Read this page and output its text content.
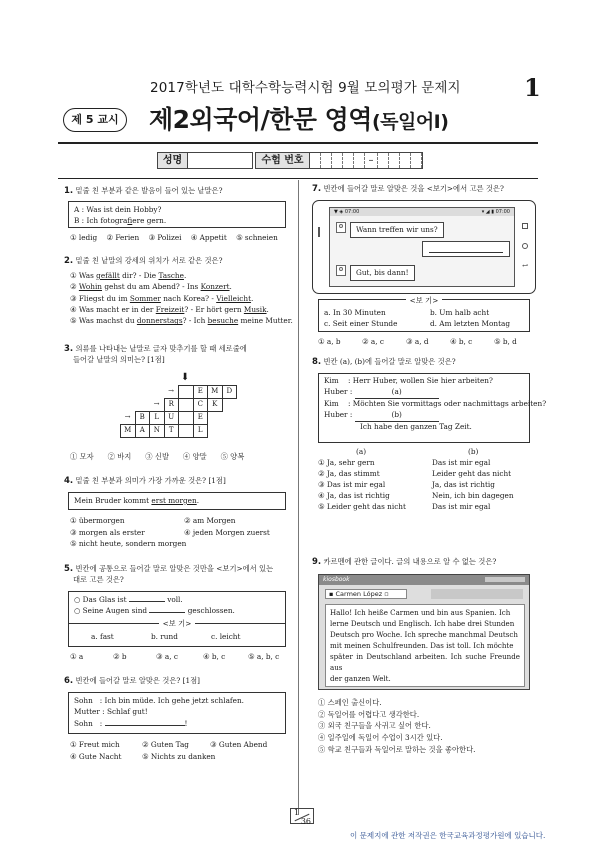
2017학년도 대학수학능력시험 9월 모의평가 문제지	1
제 5 교시	제2외국어/한문 영역(독일어Ⅰ)
성명	수험 번호	–
1. 밑줄 친 부분과 같은 발음이 들어 있는 낱말은?
A : Was ist dein Hobby?
B : Ich fotografiere gern.
① ledig ② Ferien ③ Polizei ④ Appetit ⑤ schneien
2. 밑줄 친 낱말의 강세의 위치가 서로 같은 것은?
① Was gefällt dir? - Die Tasche.
② Wohin gehst du am Abend? - Ins Konzert.
③ Fliegst du im Sommer nach Korea? - Vielleicht.
④ Was macht er in der Freizeit? - Er hört gern Musik.
⑤ Was machst du donnerstags? - Ich besuche meine Mutter.
3. 의류를 나타내는 낱말로 글자 맞추기를 할 때 세로줄에
들어갈 낱말의 의미는? [1점]
⬇
			→		E	M	D
		→	R		C	K	
→	B	L	U		E		
M	A	N	T		L		
① 모자 ② 바지 ③ 신발 ④ 양말 ⑤ 양복
4. 밑줄 친 부분과 의미가 가장 가까운 것은? [1점]
Mein Bruder kommt erst morgen.
① übermorgen	② am Morgen
③ morgen als erster	④ jeden Morgen zuerst
⑤ nicht heute, sondern morgen
5. 빈칸에 공통으로 들어갈 말로 알맞은 것만을 <보기>에서 있는
대로 고른 것은?
○ Das Glas ist	voll.
○ Seine Augen sind	geschlossen.
<보 기>
a. fast	b. rund	c. leicht
① a	② b	③ a, c	④ b, c	⑤ a, b, c
6. 빈칸에 들어갈 말로 알맞은 것은? [1점]
Sohn   : Ich bin müde. Ich gehe jetzt schlafen.
Mutter : Schlaf gut!
Sohn   :	!
① Freut mich	② Guten Tag	③ Guten Abend
④ Gute Nacht	⑤ Nichts zu danken
7. 빈칸에 들어갈 말로 알맞은 것을 <보기>에서 고른 것은?
▼ ◈ 07:00	▾ ◢ ▮ 07:00
Wann treffen wir uns?
Gut, bis dann!
↩
<보 기>
a. In 30 Minuten	b. Um halb acht
c. Seit einer Stunde	d. Am letzten Montag
① a, b	② a, c	③ a, d	④ b, c	⑤ b, d
8. 빈칸 (a), (b)에 들어갈 말로 알맞은 것은?
Kim    : Herr Huber, wollen Sie hier arbeiten?
Huber :	(a)
Kim    : Möchten Sie vormittags oder nachmittags arbeiten?
Huber :	(b)
Ich habe den ganzen Tag Zeit.
(a)	(b)
① Ja, sehr gern	Das ist mir egal
② Ja, das stimmt	Leider geht das nicht
③ Das ist mir egal	Ja, das ist richtig
④ Ja, das ist richtig	Nein, ich bin dagegen
⑤ Leider geht das nicht	Das ist mir egal
9. 카르멘에 관한 글이다. 글의 내용으로 알 수 없는 것은?
kiosbook
▪ Carmen López ▫
Hallo! Ich heiße Carmen und bin aus Spanien. Ich
lerne Deutsch und Englisch. Ich habe drei Stunden
Deutsch pro Woche. Ich spreche manchmal Deutsch
mit meinen Schulfreunden. Das ist toll. Ich möchte
später in Deutschland arbeiten. Ich suche Freunde aus
der ganzen Welt.
① 스페인 출신이다.
② 독일어를 어렵다고 생각한다.
③ 외국 친구들을 사귀고 싶어 한다.
④ 일주일에 독일어 수업이 3시간 있다.
⑤ 학교 친구들과 독일어로 말하는 것을 좋아한다.
1
36
이 문제지에 관한 저작권은 한국교육과정평가원에 있습니다.
